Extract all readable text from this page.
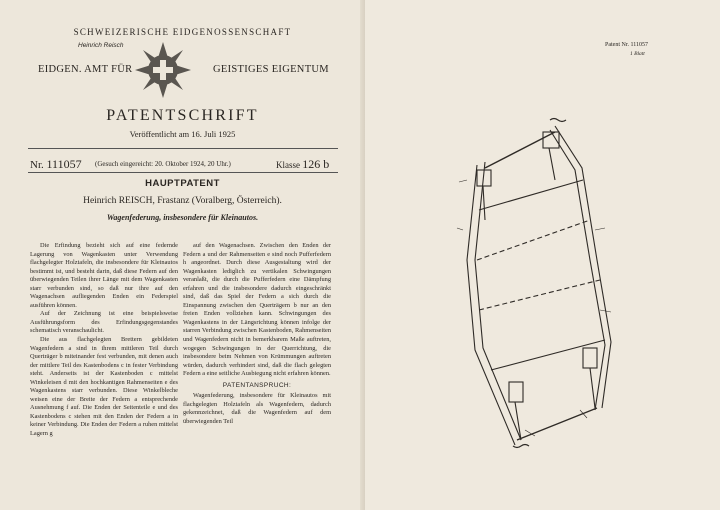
SCHWEIZERISCHE EIDGENOSSENSCHAFT
EIDGEN. AMT FÜR	GEISTIGES EIGENTUM
PATENTSCHRIFT
Veröffentlicht am 16. Juli 1925
Nr. 111057 (Gesuch eingereicht: 20. Oktober 1924, 20 Uhr.)	Klasse 126 b
HAUPTPATENT
Heinrich REISCH, Frastanz (Voralberg, Österreich).
Wagenfederung, insbesondere für Kleinautos.

Die Erfindung bezieht sich auf eine federnde Lagerung von Wagenkasten unter Verwendung flachgelegter Holztafeln, die insbesondere für Kleinautos bestimmt ist, und besteht darin, daß diese Federn auf den überwiegenden Teilen ihrer Länge mit dem Wagenkasten starr verbunden sind, so daß nur ihre auf den Wagenachsen aufliegenden Enden ein Federspiel ausführen können.

Auf der Zeichnung ist eine beispielsweise Ausführungsform des Erfindungsgegenstandes schematisch veranschaulicht.

Die aus flachgelegten Brettern gebildeten Wagenfedern a sind in ihrem mittleren Teil durch Querträger b miteinander fest verbunden, mit denen auch der mittlere Teil des Kastenbodens c in fester Verbindung steht. Anderseits ist der Kastenboden c mittelst Winkeleisen d mit den hochkantigen Rahmenseiten e des Wagenkastens starr verbunden. Diese Winkelbleche weisen eine der Breite der Federn a entsprechende Ausnehmung f auf. Die Enden der Seitenteile e und des Kastenbodens c stehen mit den Enden der Federn a in keiner Verbindung. Die Enden der Federn a ruhen mittelst Lagern g

auf den Wagenachsen. Zwischen den Enden der Federn a und der Rahmenseiten e sind noch Pufferfedern h angeordnet. Durch diese Ausgestaltung wird der Wagenkasten lediglich zu vertikalen Schwingungen veranlaßt, die durch die Pufferfedern eine Dämpfung erfahren und die insbesondere dadurch eingeschränkt sind, daß das Spiel der Federn a sich durch die Einspannung zwischen den Querträgern b nur an den freien Enden vollziehen kann. Schwingungen des Wagenkastens in der Längsrichtung können infolge der starren Verbindung zwischen Kastenboden, Rahmenseiten und Wagenfedern nicht in bemerkbarem Maße auftreten, wogegen Schwingungen in der Querrichtung, die insbesondere beim Nehmen von Krümmungen auftreten würden, dadurch verhindert sind, daß die flach gelegten Federn a eine seitliche Ausbiegung nicht erfahren können.

PATENTANSPRUCH:

Wagenfederung, insbesondere für Kleinautos mit flachgelegten Holztafeln als Wagenfedern, dadurch gekennzeichnet, daß die Wagenfedern auf dem überwiegenden Teil

Heinrich Reisch	Patent Nr. 111057
1 Blatt
